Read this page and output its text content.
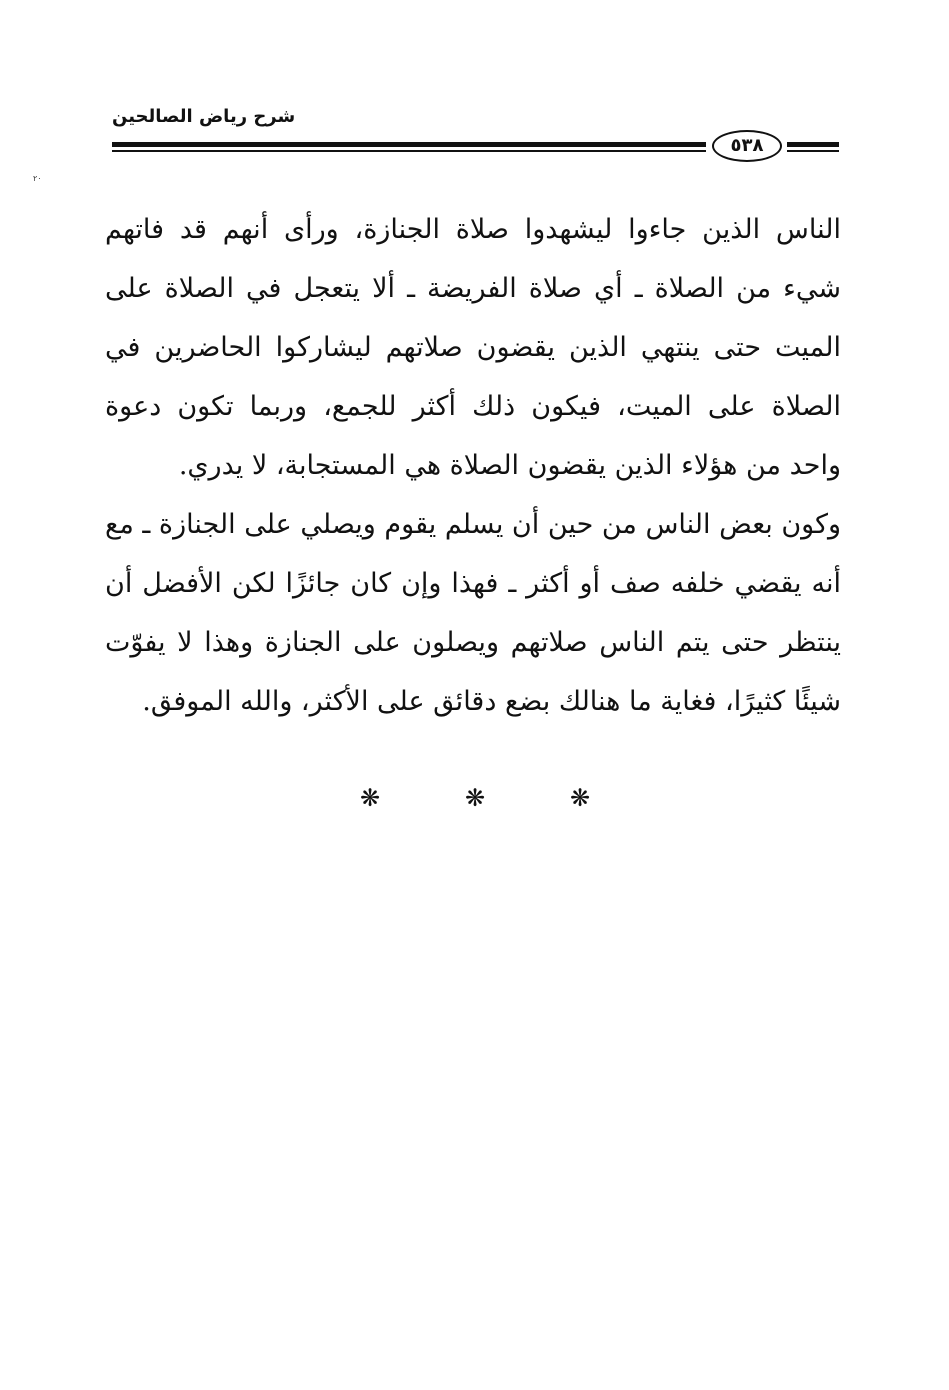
شرح رياض الصالحين
٥٣٨
٢٠
الناس الذين جاءوا ليشهدوا صلاة الجنازة، ورأى أنهم قد فاتهم
شيء من الصلاة ـ أي صلاة الفريضة ـ ألا يتعجل في الصلاة على
الميت حتى ينتهي الذين يقضون صلاتهم ليشاركوا الحاضرين في
الصلاة على الميت، فيكون ذلك أكثر للجمع، وربما تكون دعوة
واحد من هؤلاء الذين يقضون الصلاة هي المستجابة، لا يدري.
وكون بعض الناس من حين أن يسلم يقوم ويصلي على الجنازة ـ مع
أنه يقضي خلفه صف أو أكثر ـ فهذا وإن كان جائزًا لكن الأفضل أن
ينتظر حتى يتم الناس صلاتهم ويصلون على الجنازة وهذا لا يفوّت
شيئًا كثيرًا، فغاية ما هنالك بضع دقائق على الأكثر، والله الموفق.
❋
❋
❋
